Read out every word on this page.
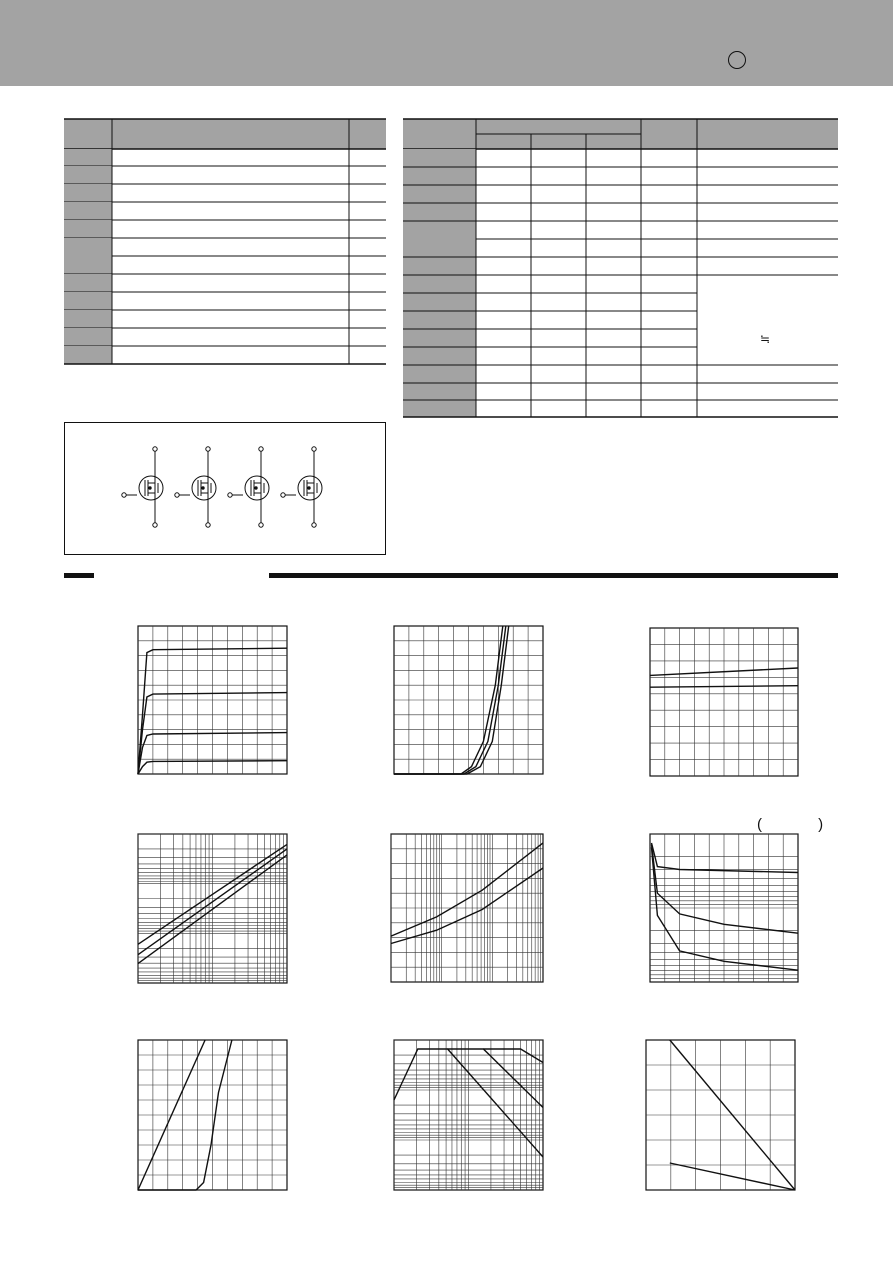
≒
( )
